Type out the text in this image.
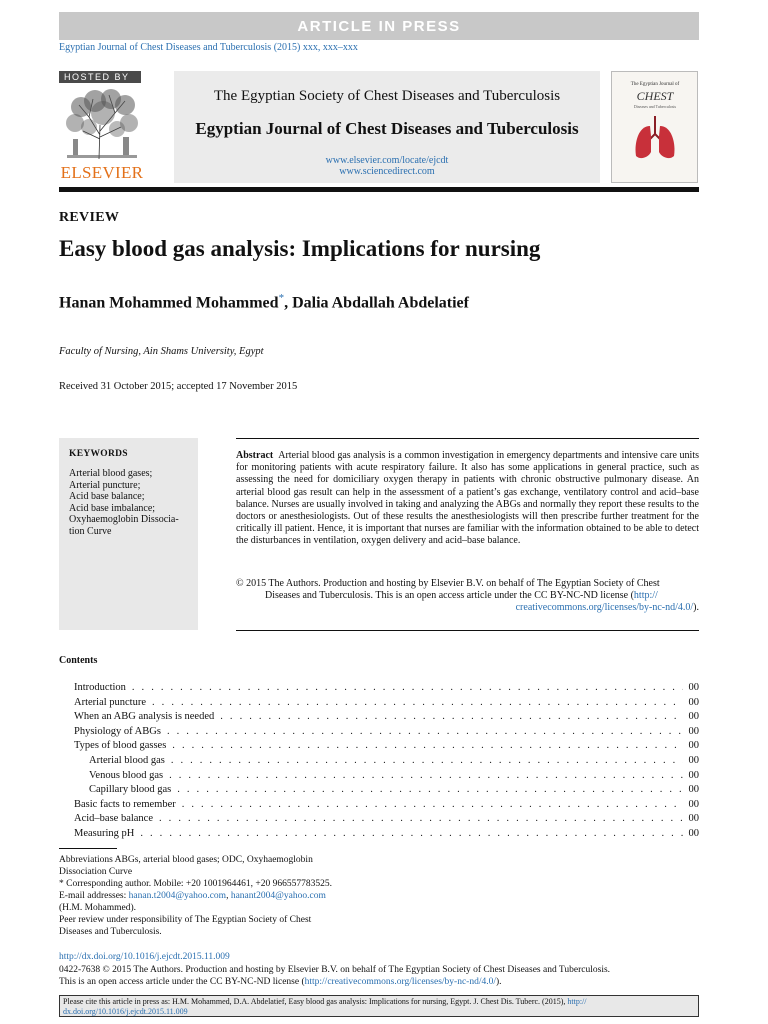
ARTICLE IN PRESS
Egyptian Journal of Chest Diseases and Tuberculosis (2015) xxx, xxx–xxx
HOSTED BY
ELSEVIER
The Egyptian Society of Chest Diseases and Tuberculosis
Egyptian Journal of Chest Diseases and Tuberculosis
www.elsevier.com/locate/ejcdt
www.sciencedirect.com
The Egyptian Journal of
CHEST
Diseases and Tuberculosis
REVIEW
Easy blood gas analysis: Implications for nursing
Hanan Mohammed Mohammed*, Dalia Abdallah Abdelatief
Faculty of Nursing, Ain Shams University, Egypt
Received 31 October 2015; accepted 17 November 2015
KEYWORDS
Arterial blood gases;
Arterial puncture;
Acid base balance;
Acid base imbalance;
Oxyhaemoglobin Dissocia-
tion Curve
Abstract Arterial blood gas analysis is a common investigation in emergency departments and intensive care units for monitoring patients with acute respiratory failure. It also has some applications in general practice, such as assessing the need for domiciliary oxygen therapy in patients with chronic obstructive pulmonary disease. An arterial blood gas result can help in the assessment of a patient’s gas exchange, ventilatory control and acid–base balance. Nurses are usually involved in taking and analyzing the ABGs and normally they report these results to the doctors or anesthesiologists. Out of these results the anesthesiologists will then prescribe further treatment for the critically ill patient. Hence, it is important that nurses are familiar with the information obtained to be able to detect the disturbances in ventilation, oxygen delivery and acid–base balance.
© 2015 The Authors. Production and hosting by Elsevier B.V. on behalf of The Egyptian Society of Chest
Diseases and Tuberculosis. This is an open access article under the CC BY-NC-ND license (http://
creativecommons.org/licenses/by-nc-nd/4.0/).
Contents
Introduction . . .	00
Arterial puncture . . .	00
When an ABG analysis is needed . . .	00
Physiology of ABGs . . .	00
Types of blood gasses . . .	00
Arterial blood gas . . .	00
Venous blood gas . . .	00
Capillary blood gas . . .	00
Basic facts to remember . . .	00
Acid–base balance . . .	00
Measuring pH . . .	00
Abbreviations ABGs, arterial blood gases; ODC, Oxyhaemoglobin
Dissociation Curve
* Corresponding author. Mobile: +20 1001964461, +20 966557783525.
E-mail addresses: hanan.t2004@yahoo.com, hanant2004@yahoo.com
(H.M. Mohammed).
Peer review under responsibility of The Egyptian Society of Chest
Diseases and Tuberculosis.
http://dx.doi.org/10.1016/j.ejcdt.2015.11.009
0422-7638 © 2015 The Authors. Production and hosting by Elsevier B.V. on behalf of The Egyptian Society of Chest Diseases and Tuberculosis.
This is an open access article under the CC BY-NC-ND license (http://creativecommons.org/licenses/by-nc-nd/4.0/).
Please cite this article in press as: H.M. Mohammed, D.A. Abdelatief, Easy blood gas analysis: Implications for nursing, Egypt. J. Chest Dis. Tuberc. (2015), http://
dx.doi.org/10.1016/j.ejcdt.2015.11.009
